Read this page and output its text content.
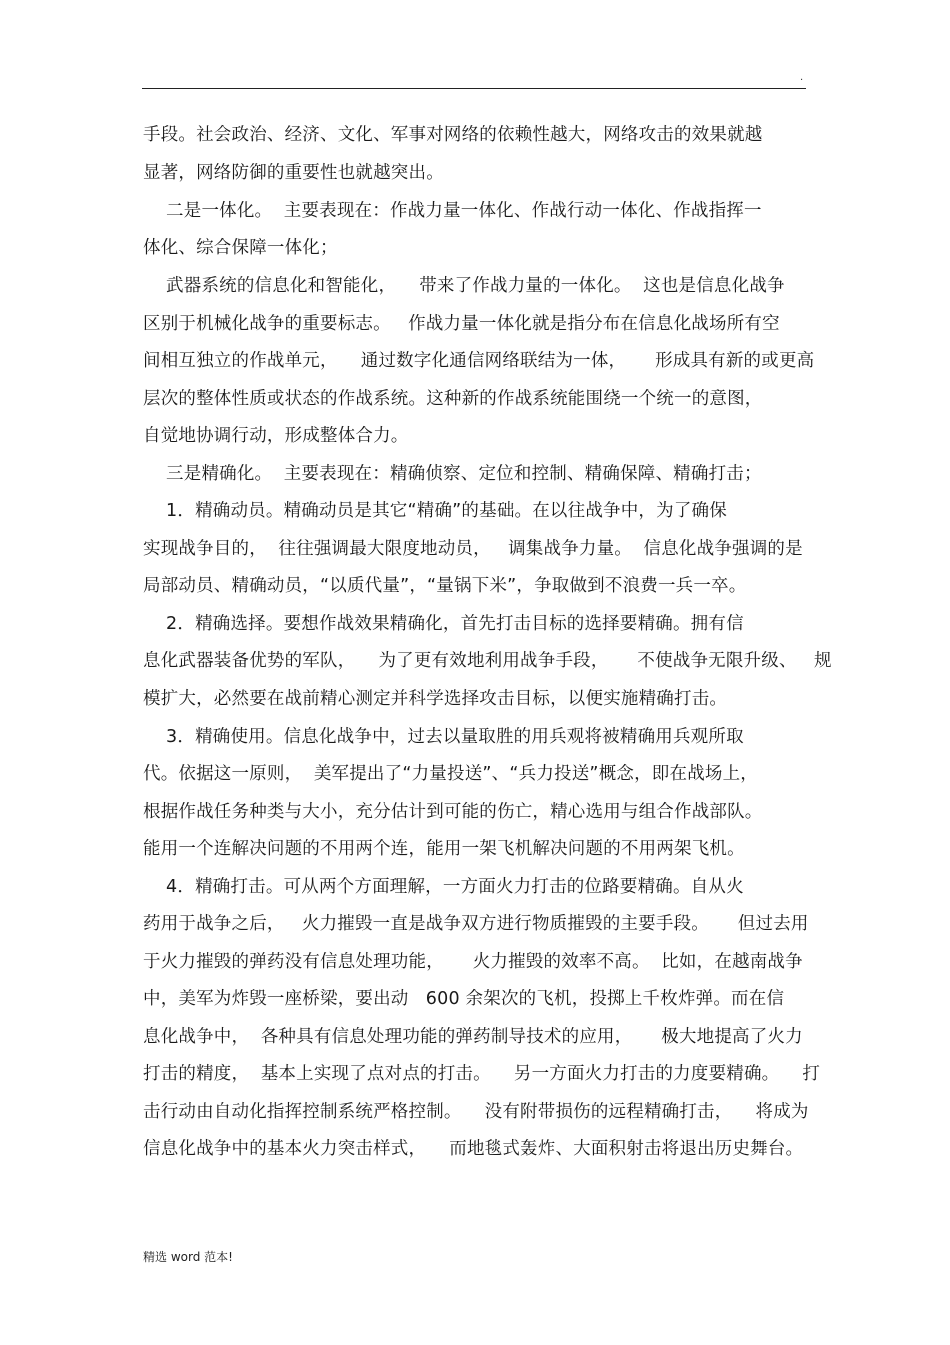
.
手段。社会政治、经济、文化、军事对网络的依赖性越大，网络攻击的效果就越
显著，网络防御的重要性也就越突出。
二是一体化。  主要表现在：作战力量一体化、作战行动一体化、作战指挥一
体化、综合保障一体化；
武器系统的信息化和智能化，    带来了作战力量的一体化。  这也是信息化战争
区别于机械化战争的重要标志。   作战力量一体化就是指分布在信息化战场所有空
间相互独立的作战单元，    通过数字化通信网络联结为一体，     形成具有新的或更高
层次的整体性质或状态的作战系统。这种新的作战系统能围绕一个统一的意图，
自觉地协调行动，形成整体合力。
三是精确化。  主要表现在：精确侦察、定位和控制、精确保障、精确打击；
1．精确动员。精确动员是其它“精确”的基础。在以往战争中，为了确保
实现战争目的，  往往强调最大限度地动员，   调集战争力量。  信息化战争强调的是
局部动员、精确动员，“以质代量”，“量锅下米”，争取做到不浪费一兵一卒。
2．精确选择。要想作战效果精确化，首先打击目标的选择要精确。拥有信
息化武器装备优势的军队，    为了更有效地利用战争手段，     不使战争无限升级、   规
模扩大，必然要在战前精心测定并科学选择攻击目标，以便实施精确打击。
3．精确使用。信息化战争中，过去以量取胜的用兵观将被精确用兵观所取
代。依据这一原则，  美军提出了“力量投送”、“兵力投送”概念，即在战场上，
根据作战任务种类与大小，充分估计到可能的伤亡，精心选用与组合作战部队。
能用一个连解决问题的不用两个连，能用一架飞机解决问题的不用两架飞机。
4．精确打击。可从两个方面理解，一方面火力打击的位路要精确。自从火
药用于战争之后，   火力摧毁一直是战争双方进行物质摧毁的主要手段。     但过去用
于火力摧毁的弹药没有信息处理功能，     火力摧毁的效率不高。  比如，在越南战争
中，美军为炸毁一座桥梁，要出动   600 余架次的飞机，投掷上千枚炸弹。而在信
息化战争中，  各种具有信息处理功能的弹药制导技术的应用，     极大地提高了火力
打击的精度，  基本上实现了点对点的打击。    另一方面火力打击的力度要精确。    打
击行动由自动化指挥控制系统严格控制。    没有附带损伤的远程精确打击，    将成为
信息化战争中的基本火力突击样式，    而地毯式轰炸、大面积射击将退出历史舞台。
精选 word 范本!
